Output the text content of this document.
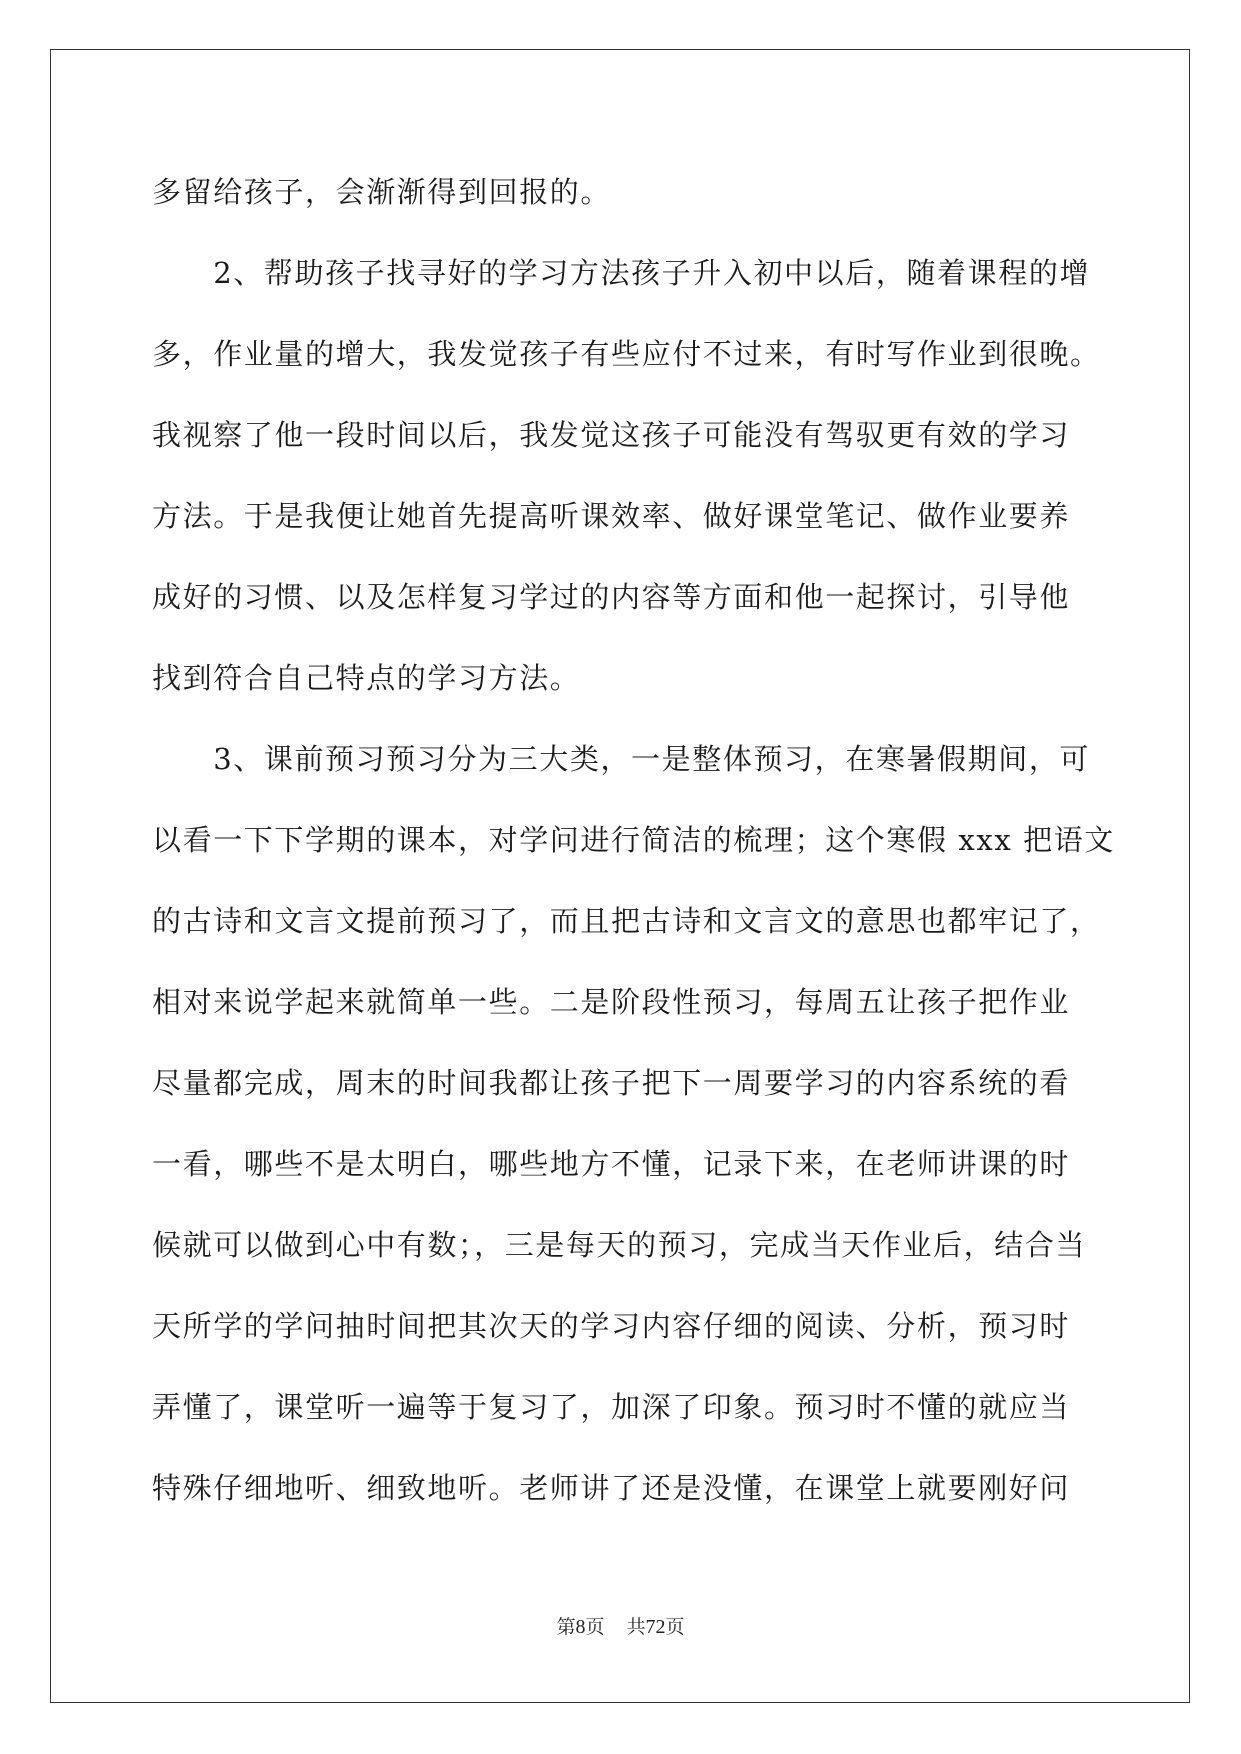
多留给孩子，会渐渐得到回报的。
　　2、帮助孩子找寻好的学习方法孩子升入初中以后，随着课程的增
多，作业量的增大，我发觉孩子有些应付不过来，有时写作业到很晚。
我视察了他一段时间以后，我发觉这孩子可能没有驾驭更有效的学习
方法。于是我便让她首先提高听课效率、做好课堂笔记、做作业要养
成好的习惯、以及怎样复习学过的内容等方面和他一起探讨，引导他
找到符合自己特点的学习方法。
　　3、课前预习预习分为三大类，一是整体预习，在寒暑假期间，可
以看一下下学期的课本，对学问进行简洁的梳理；这个寒假 xxx 把语文
的古诗和文言文提前预习了，而且把古诗和文言文的意思也都牢记了，
相对来说学起来就简单一些。二是阶段性预习，每周五让孩子把作业
尽量都完成，周末的时间我都让孩子把下一周要学习的内容系统的看
一看，哪些不是太明白，哪些地方不懂，记录下来，在老师讲课的时
候就可以做到心中有数；，三是每天的预习，完成当天作业后，结合当
天所学的学问抽时间把其次天的学习内容仔细的阅读、分析，预习时
弄懂了，课堂听一遍等于复习了，加深了印象。预习时不懂的就应当
特殊仔细地听、细致地听。老师讲了还是没懂，在课堂上就要刚好问
第8页 共72页
